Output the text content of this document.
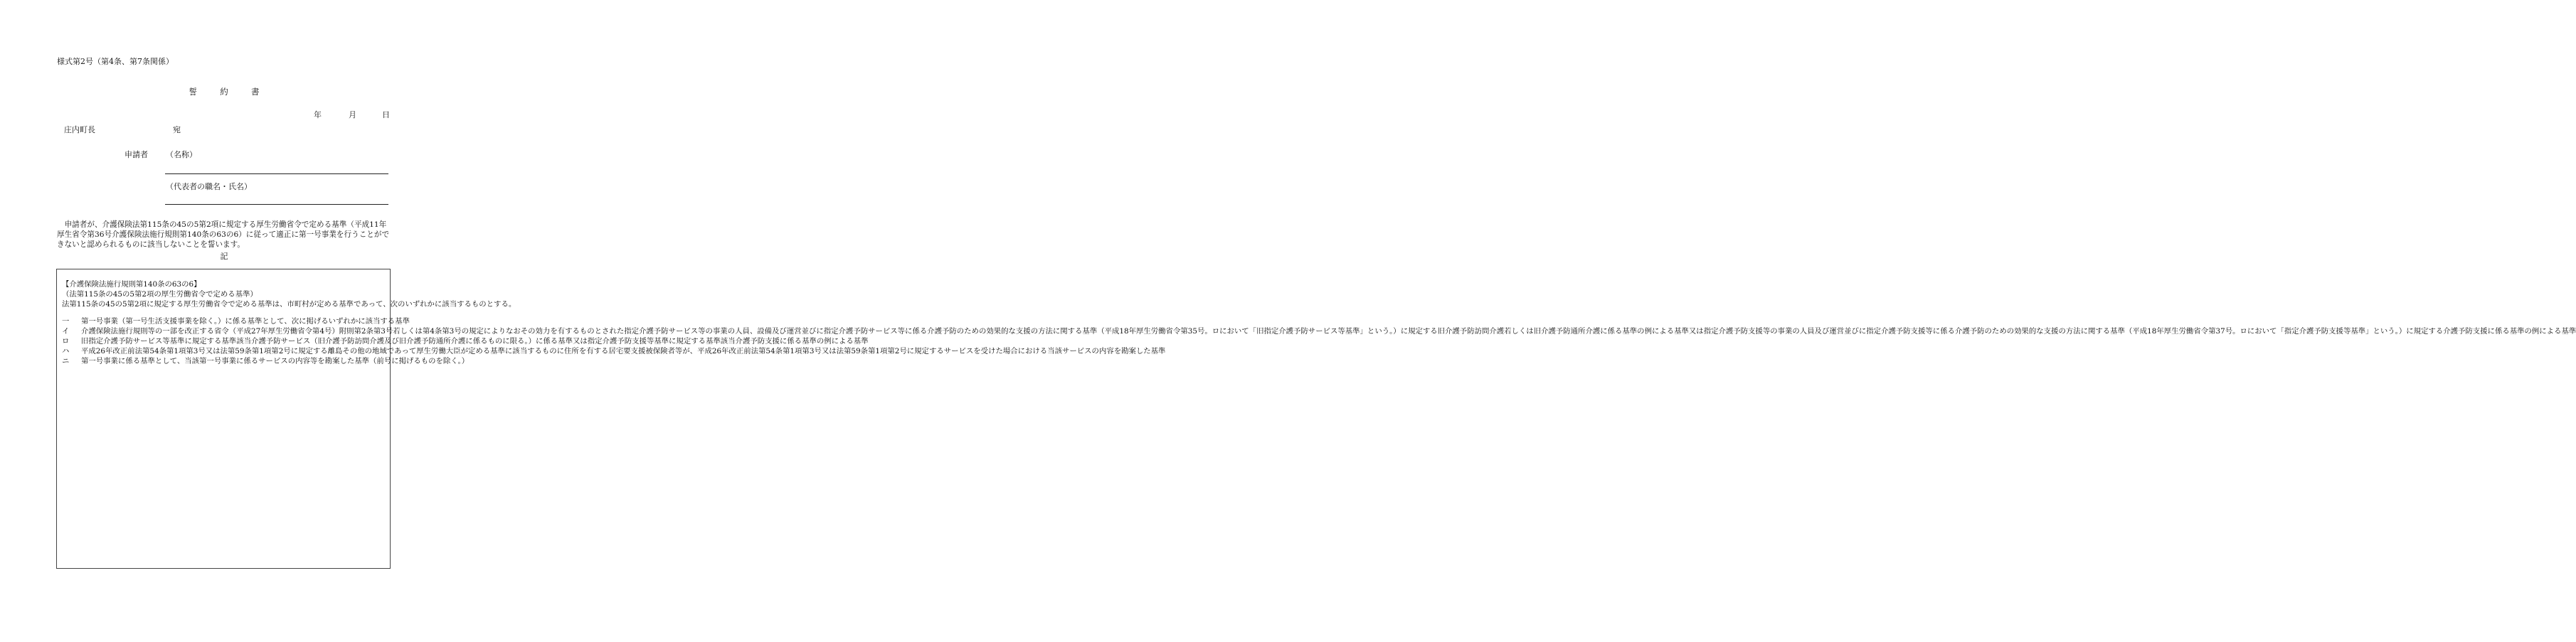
様式第2号（第4条、第7条関係）
誓　約　書
年	月	日
庄内町長	宛
申請者 （名称）
（代表者の職名・氏名）
申請者が、介護保険法第115条の45の5第2項に規定する厚生労働省令で定める基準（平成11年厚生省令第36号介護保険法施行規則第140条の63の6）に従って適正に第一号事業を行うことができないと認められるものに該当しないことを誓います。
記

【介護保険法施行規則第140条の63の6】

（法第115条の45の5第2項の厚生労働省令で定める基準）

法第115条の45の5第2項に規定する厚生労働省令で定める基準は、市町村が定める基準であって、次のいずれかに該当するものとする。

一	第一号事業（第一号生活支援事業を除く。）に係る基準として、次に掲げるいずれかに該当する基準
イ	介護保険法施行規則等の一部を改正する省令（平成27年厚生労働省令第4号）附則第2条第3号若しくは第4条第3号の規定によりなおその効力を有するものとされた指定介護予防サービス等の事業の人員、設備及び運営並びに指定介護予防サービス等に係る介護予防のための効果的な支援の方法に関する基準（平成18年厚生労働省令第35号。ロにおいて「旧指定介護予防サービス等基準」という。）に規定する旧介護予防訪問介護若しくは旧介護予防通所介護に係る基準の例による基準又は指定介護予防支援等の事業の人員及び運営並びに指定介護予防支援等に係る介護予防のための効果的な支援の方法に関する基準（平成18年厚生労働省令第37号。ロにおいて「指定介護予防支援等基準」という。）に規定する介護予防支援に係る基準の例による基準
ロ	旧指定介護予防サービス等基準に規定する基準該当介護予防サービス（旧介護予防訪問介護及び旧介護予防通所介護に係るものに限る。）に係る基準又は指定介護予防支援等基準に規定する基準該当介護予防支援に係る基準の例による基準
ハ	平成26年改正前法第54条第1項第3号又は法第59条第1項第2号に規定する離島その他の地域であって厚生労働大臣が定める基準に該当するものに住所を有する居宅要支援被保険者等が、平成26年改正前法第54条第1項第3号又は法第59条第1項第2号に規定するサービスを受けた場合における当該サービスの内容を勘案した基準
ニ	第一号事業に係る基準として、当該第一号事業に係るサービスの内容等を勘案した基準（前号に掲げるものを除く。）
